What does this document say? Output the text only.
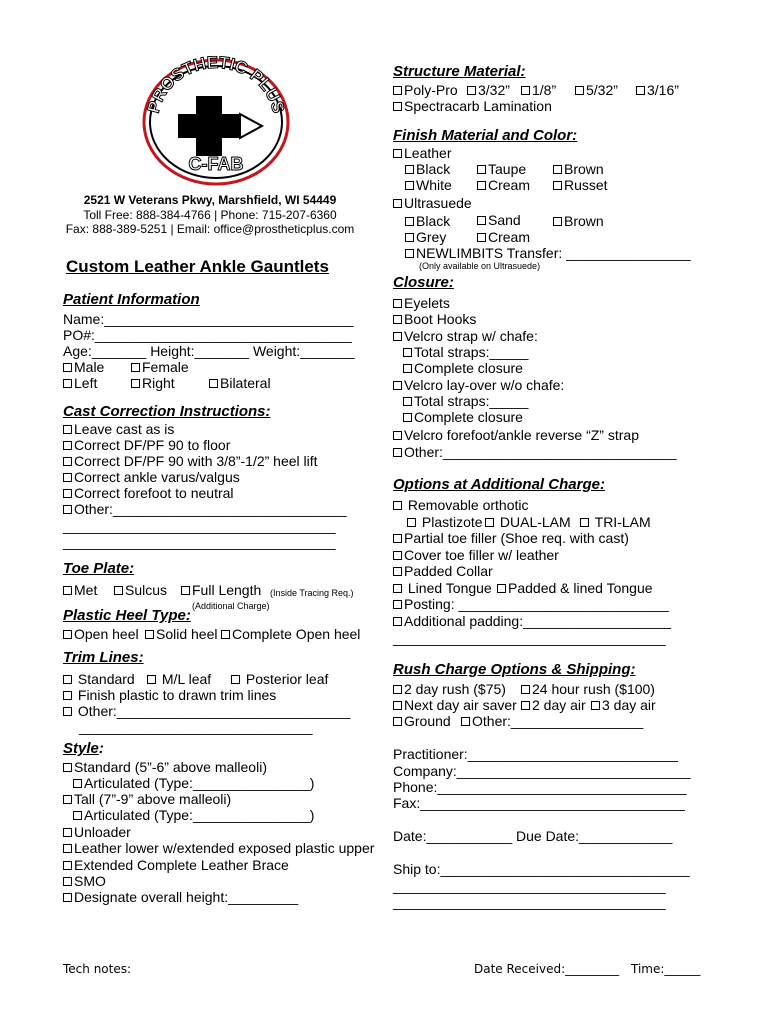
PROSTHETIC PLUS
C-FAB
2521 W Veterans Pkwy, Marshfield, WI 54449
Toll Free: 888-384-4766 | Phone: 715-207-6360
Fax: 888-389-5251 | Email: office@prostheticplus.com
Custom Leather Ankle Gauntlets
Patient Information
Name:________________________________
PO#:_________________________________
Age:_______ Height:_______ Weight:_______
Male	Female
Left	Right	Bilateral
Cast Correction Instructions:
Leave cast as is
Correct DF/PF 90 to floor
Correct DF/PF 90 with 3/8”-1/2” heel lift
Correct ankle varus/valgus
Correct forefoot to neutral
Other:______________________________
___________________________________
___________________________________
Toe Plate:
Met	Sulcus	Full Length (Inside Tracing Req.)
(Additional Charge)
Plastic Heel Type:
Open heel	Solid heel	Complete Open heel
Trim Lines:
Standard	M/L leaf	Posterior leaf
Finish plastic to drawn trim lines
Other:______________________________
______________________________
Style:
Standard (5”-6” above malleoli)
Articulated (Type:_______________)
Tall (7”-9” above malleoli)
Articulated (Type:_______________)
Unloader
Leather lower w/extended exposed plastic upper
Extended Complete Leather Brace
SMO
Designate overall height:_________
Structure Material:
Poly-Pro	3/32”	1/8”	5/32”	3/16”
Spectracarb Lamination
Finish Material and Color:
Leather
Black	Taupe	Brown
White	Cream	Russet
Ultrasuede
Black	Sand	Brown
Grey	Cream
NEWLIMBITS Transfer: ________________
(Only available on Ultrasuede)
Closure:
Eyelets
Boot Hooks
Velcro strap w/ chafe:
Total straps:_____
Complete closure
Velcro lay-over w/o chafe:
Total straps:_____
Complete closure
Velcro forefoot/ankle reverse “Z” strap
Other:______________________________
Options at Additional Charge:
Removable orthotic
Plastizote	DUAL-LAM	TRI-LAM
Partial toe filler (Shoe req. with cast)
Cover toe filler w/ leather
Padded Collar
Lined Tongue	Padded & lined Tongue
Posting: ___________________________
Additional padding:___________________
___________________________________
Rush Charge Options & Shipping:
2 day rush ($75)	24 hour rush ($100)
Next day air saver	2 day air	3 day air
Ground	Other:_________________
Practitioner:___________________________
Company:______________________________
Phone:________________________________
Fax:__________________________________
Date:___________ Due Date:____________
Ship to:________________________________
___________________________________
___________________________________
Tech notes:	Date Received:_________ Time:______
